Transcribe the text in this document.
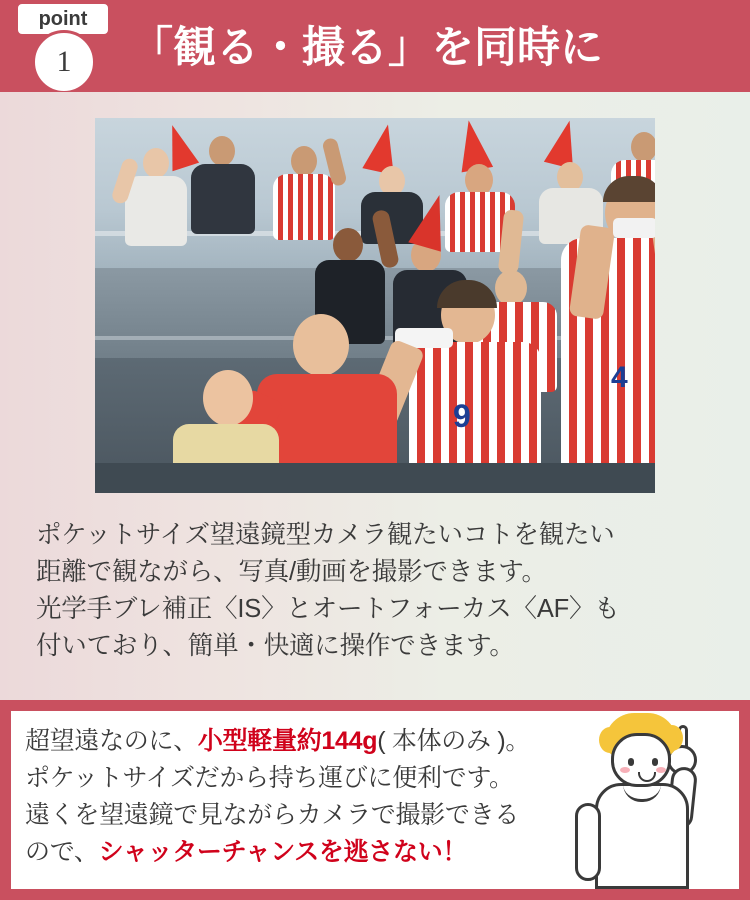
point
1	「観る・撮る」を同時に
4
9
ポケットサイズ望遠鏡型カメラ観たいコトを観たい
距離で観ながら、写真/動画を撮影できます。
光学手ブレ補正〈IS〉とオートフォーカス〈AF〉も
付いており、簡単・快適に操作できます。
超望遠なのに、小型軽量約144g( 本体のみ )。
ポケットサイズだから持ち運びに便利です。
遠くを望遠鏡で見ながらカメラで撮影できる
ので、シャッターチャンスを逃さない！
